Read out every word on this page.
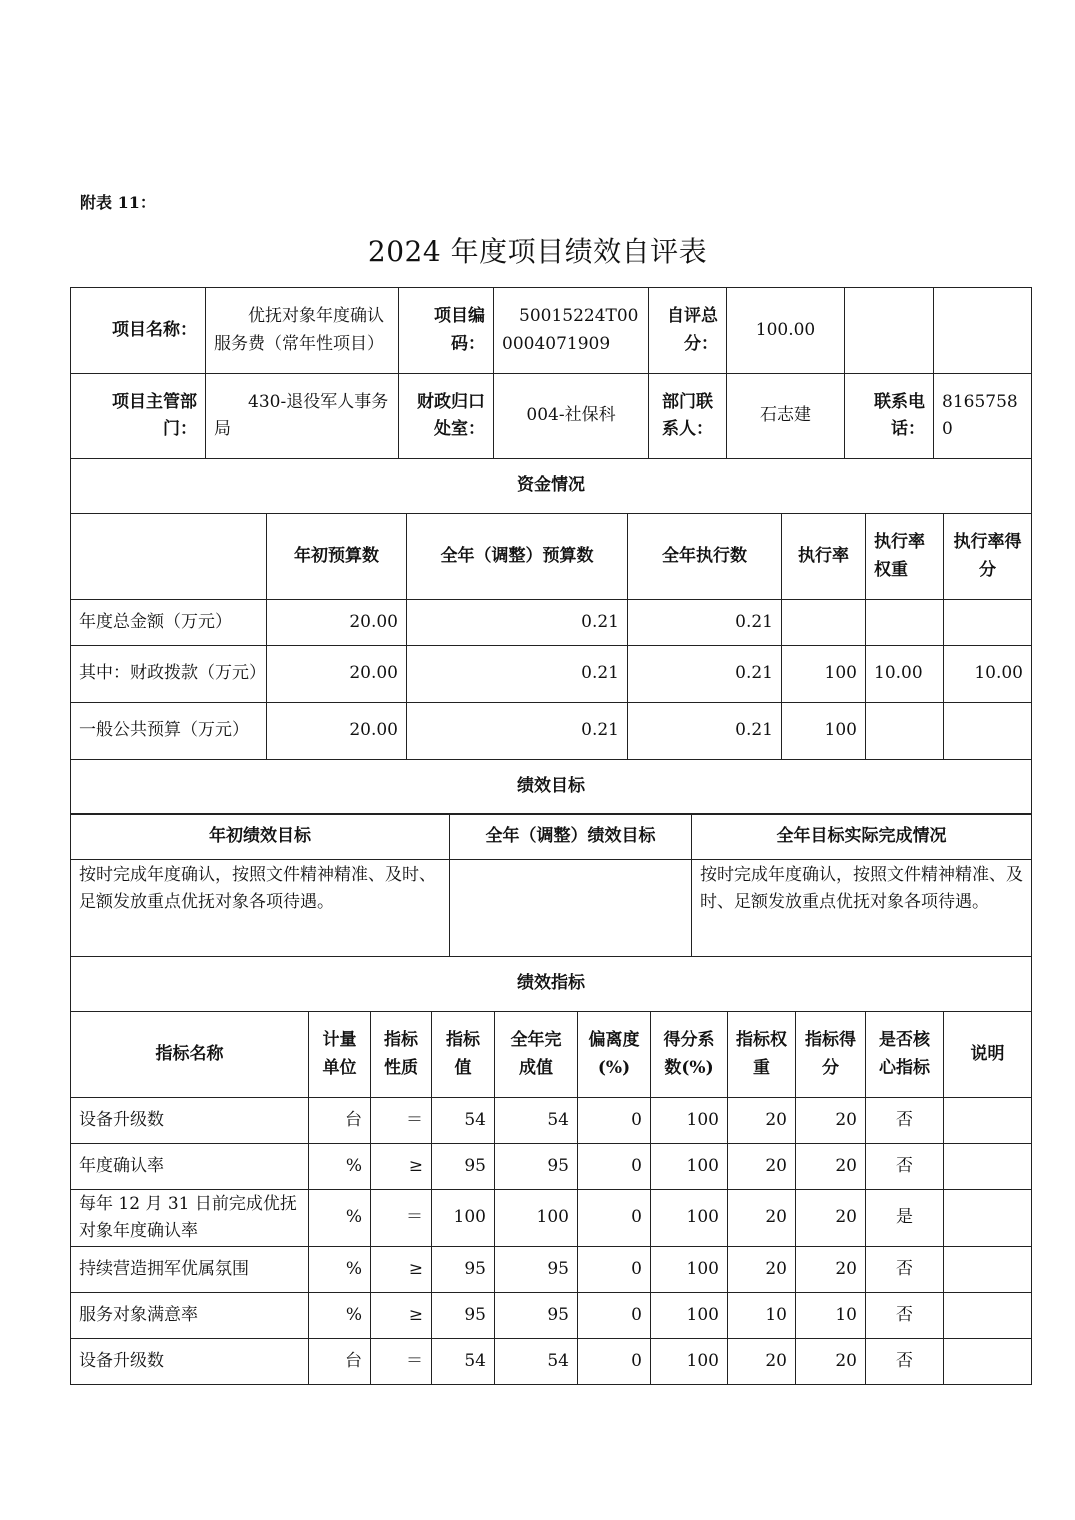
附表 11：
2024 年度项目绩效自评表
项目名称：	优抚对象年度确认服务费（常年性项目）	项目编码：	50015224T000004071909	自评总分：	100.00		
项目主管部门：	430-退役军人事务局	财政归口处室：	004-社保科	部门联系人：	石志建	联系电话：	81657580
资金情况							
	年初预算数	全年（调整）预算数	全年执行数	执行率	执行率权重	执行率得分
年度总金额（万元）	20.00	0.21	0.21			
其中：财政拨款（万元）	20.00	0.21	0.21	100	10.00	10.00
一般公共预算（万元）	20.00	0.21	0.21	100		
绩效目标						
年初绩效目标	全年（调整）绩效目标	全年目标实际完成情况
按时完成年度确认，按照文件精神精准、及时、足额发放重点优抚对象各项待遇。		按时完成年度确认，按照文件精神精准、及时、足额发放重点优抚对象各项待遇。
绩效指标		
指标名称	计量单位	指标性质	指标值	全年完成值	偏离度(%)	得分系数(%)	指标权重	指标得分	是否核心指标	说明
设备升级数	台	＝	54	54	0	100	20	20	否	
年度确认率	%	≥	95	95	0	100	20	20	否	
每年 12 月 31 日前完成优抚对象年度确认率	%	＝	100	100	0	100	20	20	是	
持续营造拥军优属氛围	%	≥	95	95	0	100	20	20	否	
服务对象满意率	%	≥	95	95	0	100	10	10	否	
设备升级数	台	＝	54	54	0	100	20	20	否	
